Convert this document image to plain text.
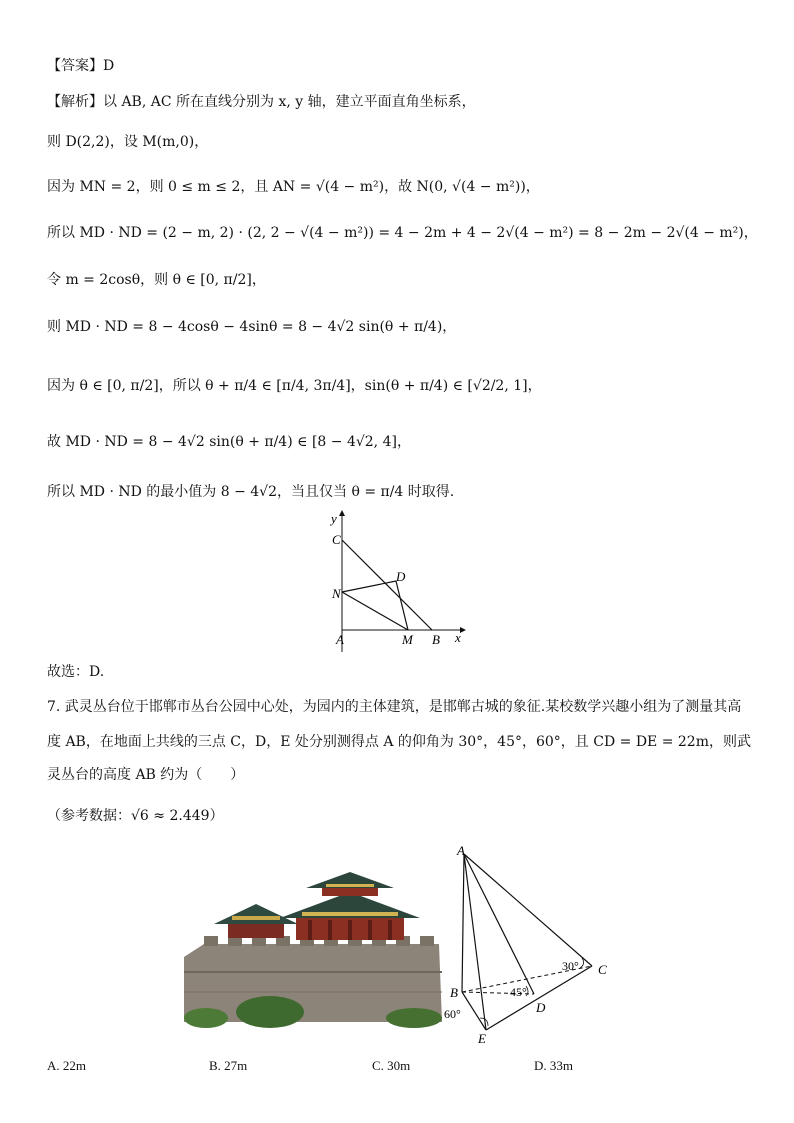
【答案】D
【解析】以 AB, AC 所在直线分别为 x, y 轴，建立平面直角坐标系，
则 D(2,2)，设 M(m,0)，
因为 MN = 2，则 0 ≤ m ≤ 2，且 AN = √(4 − m²)，故 N(0, √(4 − m²))，
所以 MD · ND = (2 − m, 2) · (2, 2 − √(4 − m²)) = 4 − 2m + 4 − 2√(4 − m²) = 8 − 2m − 2√(4 − m²)，
令 m = 2cosθ，则 θ ∈ [0, π/2]，
则 MD · ND = 8 − 4cosθ − 4sinθ = 8 − 4√2 sin(θ + π/4)，
因为 θ ∈ [0, π/2]，所以 θ + π/4 ∈ [π/4, 3π/4]，sin(θ + π/4) ∈ [√2/2, 1]，
故 MD · ND = 8 − 4√2 sin(θ + π/4) ∈ [8 − 4√2, 4]，
所以 MD · ND 的最小值为 8 − 4√2，当且仅当 θ = π/4 时取得.
y
C
D
N
A	M B x
故选：D.
7. 武灵丛台位于邯郸市丛台公园中心处，为园内的主体建筑，是邯郸古城的象征.某校数学兴趣小组为了测量其高
度 AB，在地面上共线的三点 C，D，E 处分别测得点 A 的仰角为 30°，45°，60°，且 CD = DE = 22m，则武
灵丛台的高度 AB 约为（　　）
（参考数据：√6 ≈ 2.449）
A
C
30°
B	45°
D
60°
E
A. 22m	B. 27m	C. 30m	D. 33m
